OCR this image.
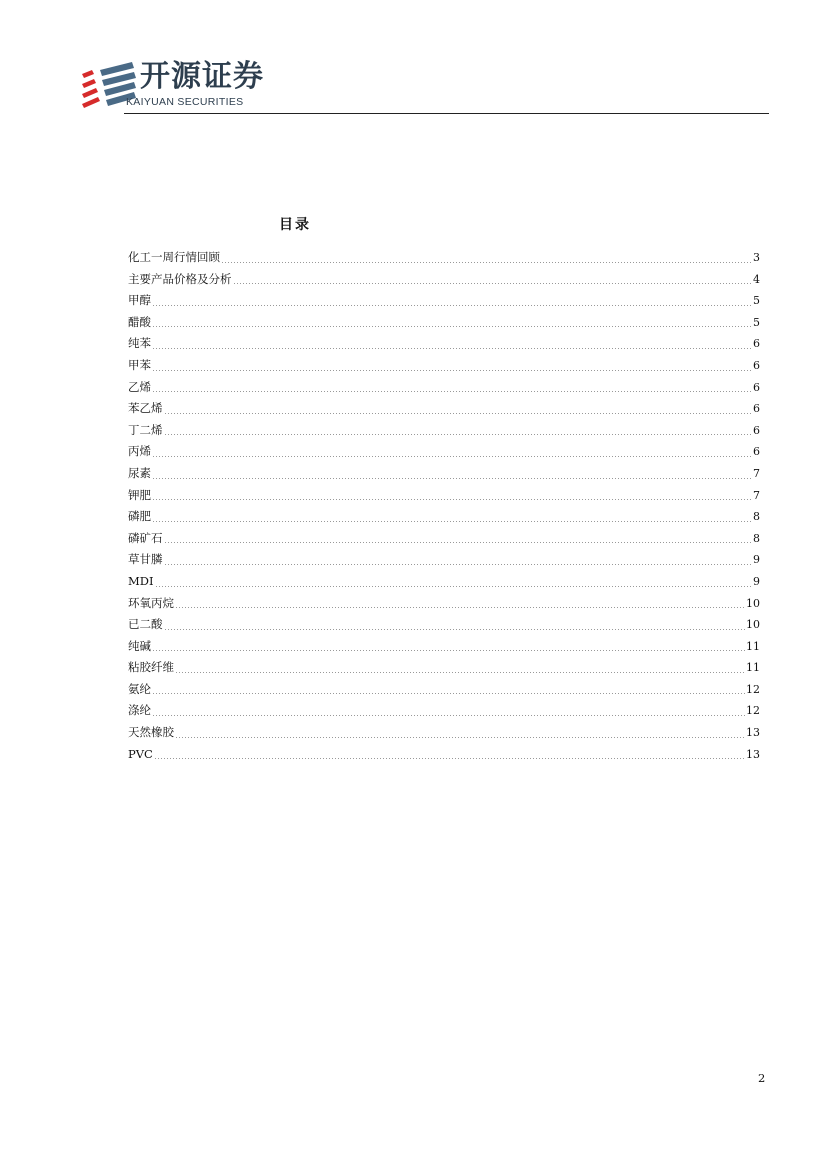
开源证券
KAIYUAN SECURITIES
目录
化工一周行情回顾	3
主要产品价格及分析	4
甲醇	5
醋酸	5
纯苯	6
甲苯	6
乙烯	6
苯乙烯	6
丁二烯	6
丙烯	6
尿素	7
钾肥	7
磷肥	8
磷矿石	8
草甘膦	9
MDI	9
环氧丙烷	10
已二酸	10
纯碱	11
粘胶纤维	11
氨纶	12
涤纶	12
天然橡胶	13
PVC	13
2
